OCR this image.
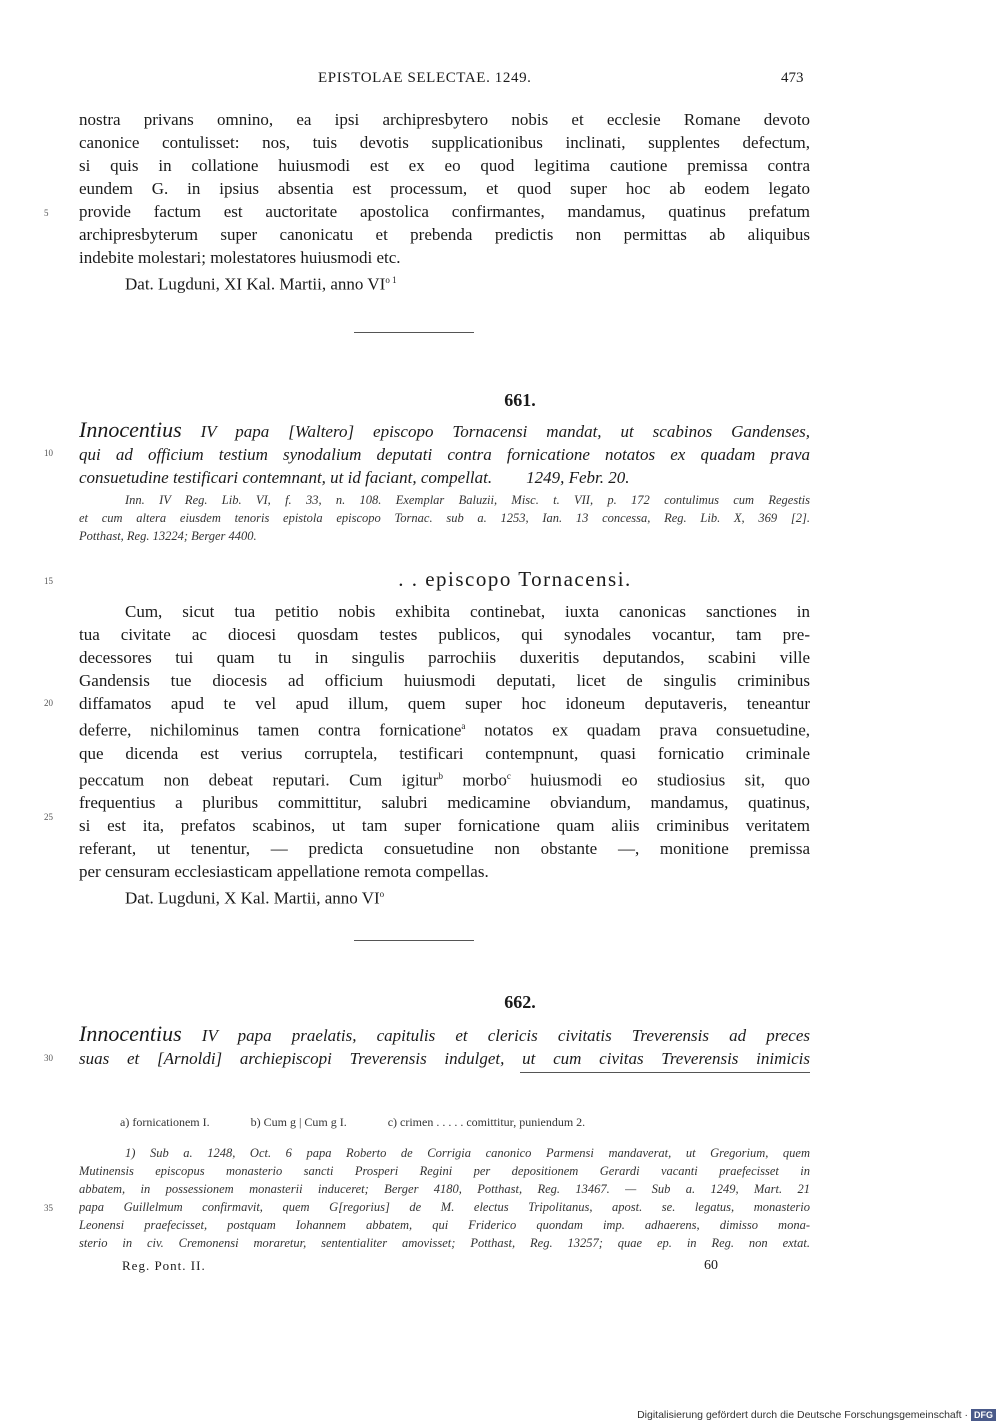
EPISTOLAE SELECTAE. 1249.	473
nostra privans omnino, ea ipsi archipresbytero nobis et ecclesie Romane devoto
canonice contulisset: nos, tuis devotis supplicationibus inclinati, supplentes defectum,
si quis in collatione huiusmodi est ex eo quod legitima cautione premissa contra
eundem G. in ipsius absentia est processum, et quod super hoc ab eodem legato
provide factum est auctoritate apostolica confirmantes, mandamus, quatinus prefatum
archipresbyterum super canonicatu et prebenda predictis non permittas ab aliquibus
indebite molestari; molestatores huiusmodi etc.
Dat. Lugduni, XI Kal. Martii, anno $VI^{o 1}$
5
661.
Innocentius IV papa [Waltero] episcopo Tornacensi mandat, ut scabinos Gandenses,
qui ad officium testium synodalium deputati contra fornicatione notatos ex quadam prava
consuetudine testificari contemnant, ut id faciant, compellat.        1249, Febr. 20.
10
Inn. IV Reg. Lib. VI, f. 33, n. 108. Exemplar Baluzii, Misc. t. VII, p. 172 contulimus cum Regestis
et cum altera eiusdem tenoris epistola episcopo Tornac. sub a. 1253, Ian. 13 concessa, Reg. Lib. X, 369 [2].
Potthast, Reg. 13224; Berger 4400.
. . episcopo Tornacensi.
15
Cum, sicut tua petitio nobis exhibita continebat, iuxta canonicas sanctiones in
tua civitate ac diocesi quosdam testes publicos, qui synodales vocantur, tam pre-
decessores tui quam tu in singulis parrochiis duxeritis deputandos, scabini ville
Gandensis tue diocesis ad officium huiusmodi deputati, licet de singulis criminibus
diffamatos apud te vel apud illum, quem super hoc idoneum deputaveris, teneantur
deferre, nichilominus tamen contra fornicatione$^a$ notatos ex quadam prava consuetudine,
que dicenda est verius corruptela, testificari contempnunt, quasi fornicatio criminale
peccatum non debeat reputari. Cum igitur$^b$ morbo$^c$ huiusmodi eo studiosius sit, quo
frequentius a pluribus committitur, salubri medicamine obviandum, mandamus, quatinus,
si est ita, prefatos scabinos, ut tam super fornicatione quam aliis criminibus veritatem
referant, ut tenentur, — predicta consuetudine non obstante —, monitione premissa
per censuram ecclesiasticam appellatione remota compellas.
Dat. Lugduni, X Kal. Martii, anno $VI^o$
20
25
662.
Innocentius IV papa praelatis, capitulis et clericis civitatis Treverensis ad preces
suas et [Arnoldi] archiepiscopi Treverensis indulget, ut cum civitas Treverensis inimicis
30
a) fornicationem I.	b) Cum g | Cum g I.	c) crimen . . . . . comittitur, puniendum 2.
1) Sub a. 1248, Oct. 6 papa Roberto de Corrigia canonico Parmensi mandaverat, ut Gregorium, quem
Mutinensis episcopus monasterio sancti Prosperi Regini per depositionem Gerardi vacanti praefecisset in
abbatem, in possessionem monasterii induceret; Berger 4180, Potthast, Reg. 13467. — Sub a. 1249, Mart. 21
papa Guillelmum confirmavit, quem G[regorius] de M. electus Tripolitanus, apost. se. legatus, monasterio
Leonensi praefecisset, postquam Iohannem abbatem, qui Friderico quondam imp. adhaerens, dimisso mona-
sterio in civ. Cremonensi moraretur, sententialiter amovisset; Potthast, Reg. 13257; quae ep. in Reg. non extat.
35
Reg. Pont. II.	60
Digitalisierung gefördert durch die Deutsche Forschungsgemeinschaft · DFG
